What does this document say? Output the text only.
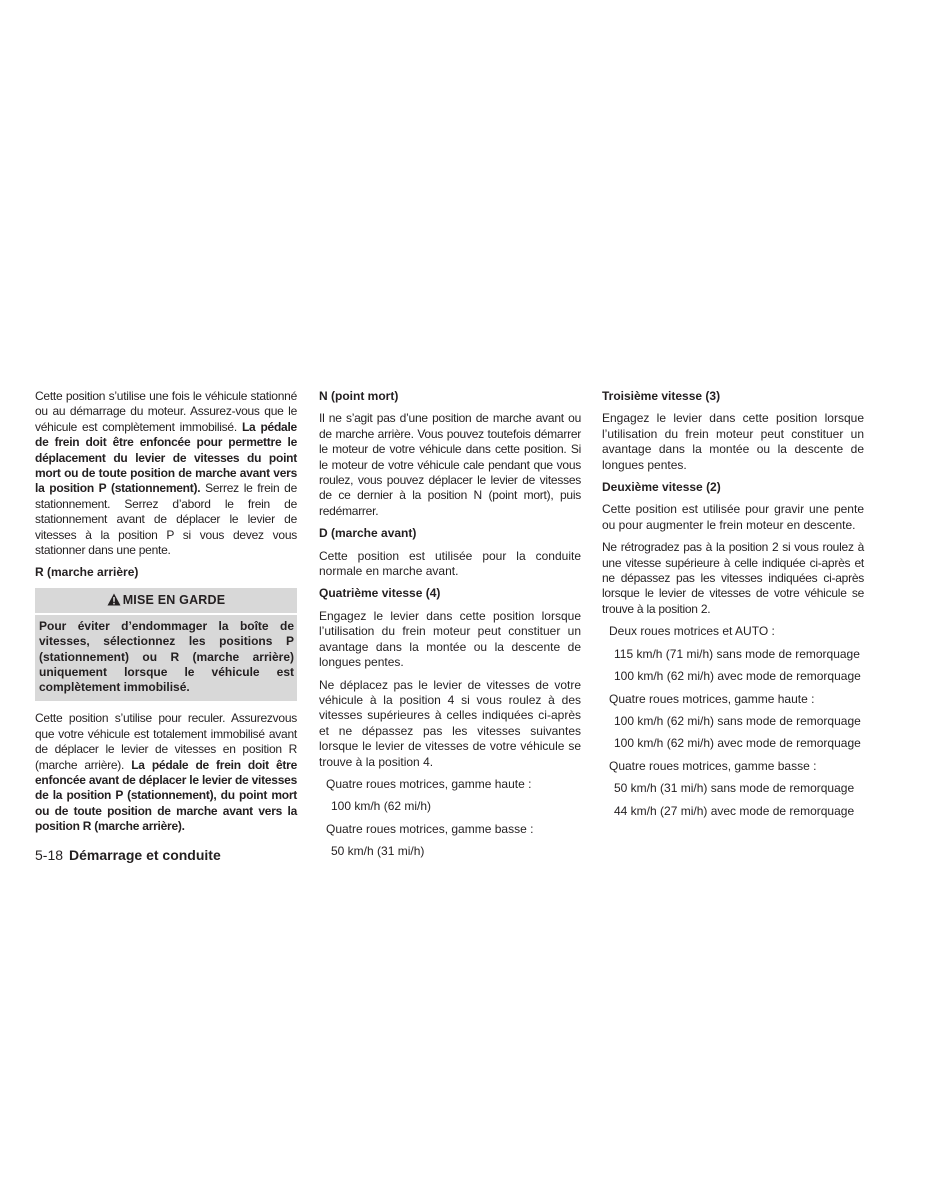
Cette position s’utilise une fois le véhicule stationné ou au démarrage du moteur. Assurez-vous que le véhicule est complètement immobilisé. La pédale de frein doit être enfoncée pour permettre le déplacement du levier de vitesses du point mort ou de toute position de marche avant vers la position P (stationnement). Serrez le frein de stationnement. Serrez d’abord le frein de stationnement avant de déplacer le levier de vitesses à la position P si vous devez vous stationner dans une pente.

R (marche arrière)
MISE EN GARDE
Pour éviter d’endommager la boîte de vitesses, sélectionnez les positions P (stationnement) ou R (marche arrière) uniquement lorsque le véhicule est complètement immobilisé.

Cette position s’utilise pour reculer. Assurezvous que votre véhicule est totalement immobilisé avant de déplacer le levier de vitesses en position R (marche arrière). La pédale de frein doit être enfoncée avant de déplacer le levier de vitesses de la position P (stationnement), du point mort ou de toute position de marche avant vers la position R (marche arrière).

N (point mort)

Il ne s’agit pas d’une position de marche avant ou de marche arrière. Vous pouvez toutefois démarrer le moteur de votre véhicule dans cette position. Si le moteur de votre véhicule cale pendant que vous roulez, vous pouvez déplacer le levier de vitesses de ce dernier à la position N (point mort), puis redémarrer.

D (marche avant)

Cette position est utilisée pour la conduite normale en marche avant.

Quatrième vitesse (4)

Engagez le levier dans cette position lorsque l’utilisation du frein moteur peut constituer un avantage dans la montée ou la descente de longues pentes.

Ne déplacez pas le levier de vitesses de votre véhicule à la position 4 si vous roulez à des vitesses supérieures à celles indiquées ci-après et ne dépassez pas les vitesses suivantes lorsque le levier de vitesses de votre véhicule se trouve à la position 4.

Quatre roues motrices, gamme haute :
100 km/h (62 mi/h)
Quatre roues motrices, gamme basse :
50 km/h (31 mi/h)
Troisième vitesse (3)

Engagez le levier dans cette position lorsque l’utilisation du frein moteur peut constituer un avantage dans la montée ou la descente de longues pentes.

Deuxième vitesse (2)

Cette position est utilisée pour gravir une pente ou pour augmenter le frein moteur en descente.

Ne rétrogradez pas à la position 2 si vous roulez à une vitesse supérieure à celle indiquée ci-après et ne dépassez pas les vitesses indiquées ci-après lorsque le levier de vitesses de votre véhicule se trouve à la position 2.

Deux roues motrices et AUTO :
115 km/h (71 mi/h) sans mode de remorquage
100 km/h (62 mi/h) avec mode de remorquage
Quatre roues motrices, gamme haute :
100 km/h (62 mi/h) sans mode de remorquage
100 km/h (62 mi/h) avec mode de remorquage
Quatre roues motrices, gamme basse :
50 km/h (31 mi/h) sans mode de remorquage
44 km/h (27 mi/h) avec mode de remorquage
5-18 Démarrage et conduite
